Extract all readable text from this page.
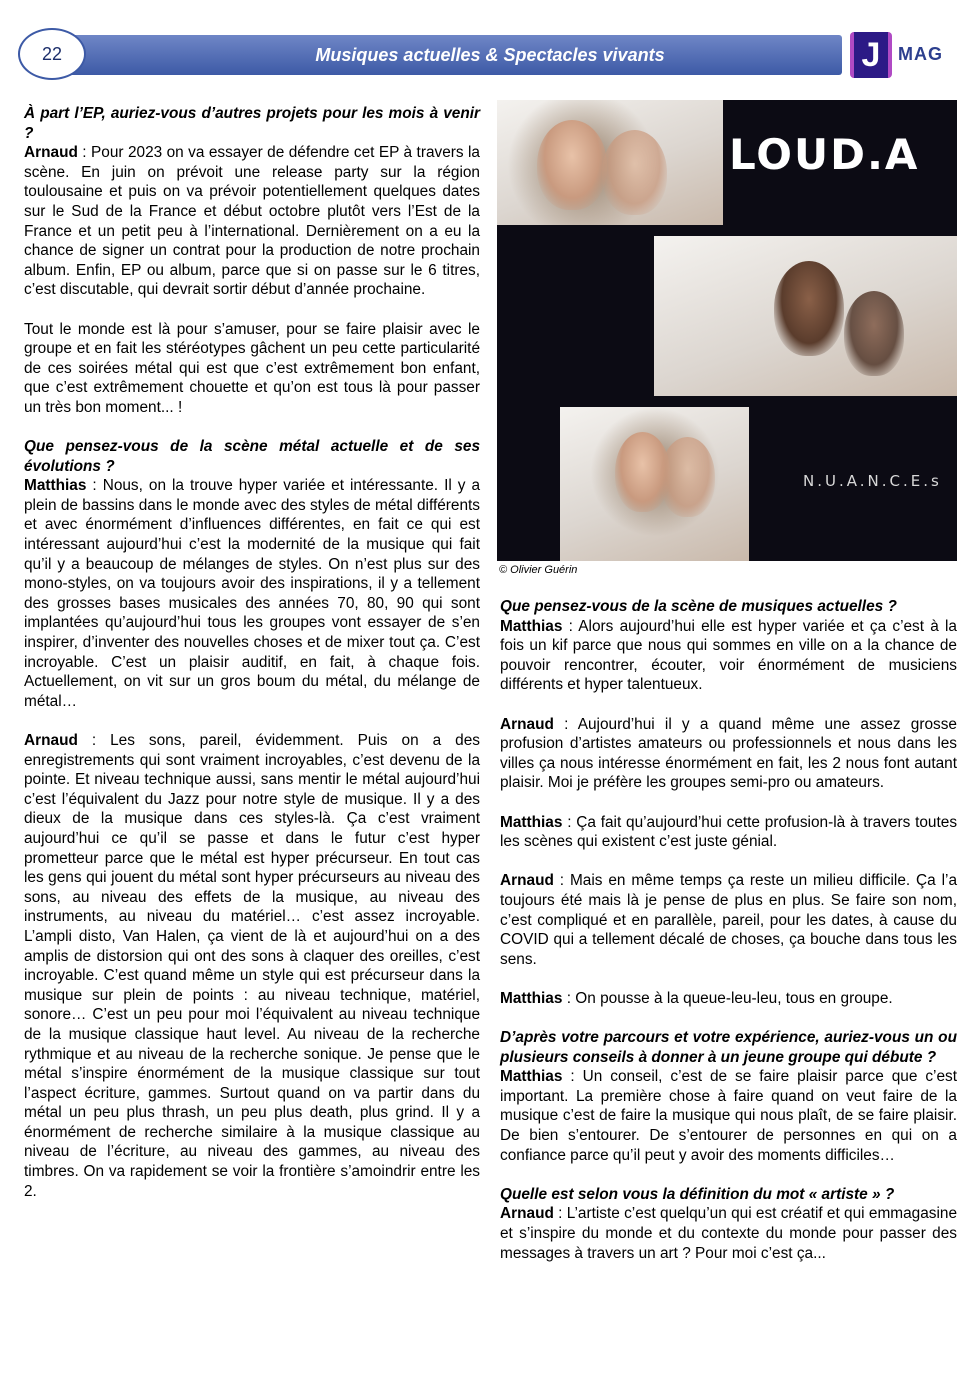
Musiques actuelles & Spectacles vivants
22	J MAG

À part l’EP, auriez-vous d’autres projets pour les mois à venir ?

Arnaud : Pour 2023 on va essayer de défendre cet EP à travers la scène. En juin on prévoit une release party sur la région toulousaine et puis on va prévoir potentiellement quelques dates sur le Sud de la France et début octobre plutôt vers l’Est de la France et un petit peu à l’international. Dernièrement on a eu la chance de signer un contrat pour la production de notre prochain album. Enfin, EP ou album, parce que si on passe sur le 6 titres, c’est discutable, qui devrait sortir début d’année prochaine.

Tout le monde est là pour s’amuser, pour se faire plaisir avec le groupe et en fait les stéréotypes gâchent un peu cette particularité de ces soirées métal qui est que c’est extrêmement bon enfant, que c’est extrêmement chouette et qu’on est tous là pour passer un très bon moment... !

Que pensez-vous de la scène métal actuelle et de ses évolutions ?

Matthias : Nous, on la trouve hyper variée et intéressante. Il y a plein de bassins dans le monde avec des styles de métal différents et avec énormément d’influences différentes, en fait ce qui est intéressant aujourd’hui c’est la modernité de la musique qui fait qu’il y a beaucoup de mélanges de styles. On n’est plus sur des mono-styles, on va toujours avoir des inspirations, il y a tellement des grosses bases musicales des années 70, 80, 90 qui sont implantées qu’aujourd’hui tous les groupes vont essayer de s’en inspirer, d’inventer des nouvelles choses et de mixer tout ça. C’est incroyable. C’est un plaisir auditif, en fait, à chaque fois. Actuellement, on vit sur un gros boum du métal, du mélange de métal…

Arnaud : Les sons, pareil, évidemment. Puis on a des enregistrements qui sont vraiment incroyables, c’est devenu de la pointe. Et niveau technique aussi, sans mentir le métal aujourd’hui c’est l’équivalent du Jazz pour notre style de musique. Il y a des dieux de la musique dans ces styles-là. Ça c’est vraiment aujourd’hui ce qu’il se passe et dans le futur c’est hyper prometteur parce que le métal est hyper précurseur. En tout cas les gens qui jouent du métal sont hyper précurseurs au niveau des sons, au niveau des effets de la musique, au niveau des instruments, au niveau du matériel… c’est assez incroyable. L’ampli disto, Van Halen, ça vient de là et aujourd’hui on a des amplis de distorsion qui ont des sons à claquer des oreilles, c’est incroyable. C’est quand même un style qui est précurseur dans la musique sur plein de points : au niveau technique, matériel, sonore… C’est un peu pour moi l’équivalent au niveau technique de la musique classique haut level. Au niveau de la recherche rythmique et au niveau de la recherche sonique. Je pense que le métal s’inspire énormément de la musique classique sur tout l’aspect écriture, gammes. Surtout quand on va partir dans du métal un peu plus thrash, un peu plus death, plus grind. Il y a énormément de recherche similaire à la musique classique au niveau de l’écriture, au niveau des gammes, au niveau des timbres. On va rapidement se voir la frontière s’amoindrir entre les 2.

LOUD.A
N.U.A.N.C.E.s
© Olivier Guérin

Que pensez-vous de la scène de musiques actuelles ?

Matthias : Alors aujourd’hui elle est hyper variée et ça c’est à la fois un kif parce que nous qui sommes en ville on a la chance de pouvoir rencontrer, écouter, voir énormément de musiciens différents et hyper talentueux.

Arnaud : Aujourd’hui il y a quand même une assez grosse profusion d’artistes amateurs ou professionnels et nous dans les villes ça nous intéresse énormément en fait, les 2 nous font autant plaisir. Moi je préfère les groupes semi-pro ou amateurs.

Matthias : Ça fait qu’aujourd’hui cette profusion-là à travers toutes les scènes qui existent c’est juste génial.

Arnaud : Mais en même temps ça reste un milieu difficile. Ça l’a toujours été mais là je pense de plus en plus. Se faire son nom, c’est compliqué et en parallèle, pareil, pour les dates, à cause du COVID qui a tellement décalé de choses, ça bouche dans tous les sens.

Matthias : On pousse à la queue-leu-leu, tous en groupe.

D’après votre parcours et votre expérience, auriez-vous un ou plusieurs conseils à donner à un jeune groupe qui débute ?

Matthias : Un conseil, c’est de se faire plaisir parce que c’est important. La première chose à faire quand on veut faire de la musique c’est de faire la musique qui nous plaît, de se faire plaisir. De bien s’entourer. De s’entourer de personnes en qui on a confiance parce qu’il peut y avoir des moments difficiles…

Quelle est selon vous la définition du mot « artiste » ?

Arnaud : L’artiste c’est quelqu’un qui est créatif et qui emmagasine et s’inspire du monde et du contexte du monde pour passer des messages à travers un art ? Pour moi c’est ça...
